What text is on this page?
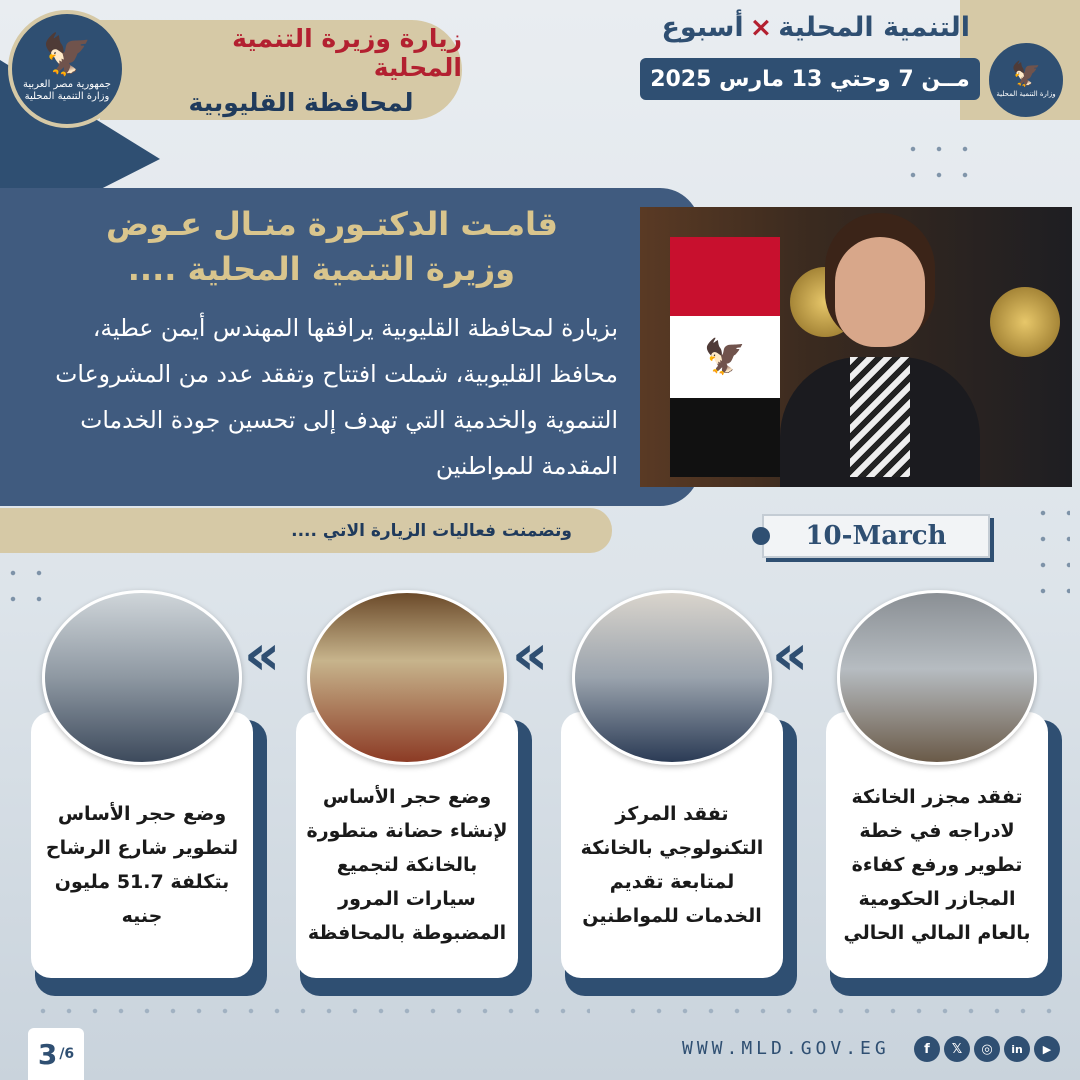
زيارة وزيرة التنمية المحلية
لمحافظة القليوبية
🦅
جمهورية مصر العربية وزارة التنمية المحلية
التنمية المحلية×أسبوع
مــن 7 وحتي 13 مارس 2025	🦅
وزارة التنمية المحلية
قامـت الدكتـورة منـال عـوض
وزيرة التنمية المحلية ....
بزيارة لمحافظة القليوبية يرافقها المهندس أيمن عطية، محافظ القليوبية، شملت افتتاح وتفقد عدد من المشروعات التنموية والخدمية التي تهدف إلى تحسين جودة الخدمات المقدمة للمواطنين
🦅
وتضمنت فعاليات الزيارة الاتي ....	10-March
تفقد مجزر الخانكة لادراجه في خطة تطوير ورفع كفاءة المجازر الحكومية بالعام المالي الحالي
تفقد المركز التكنولوجي بالخانكة لمتابعة تقديم الخدمات للمواطنين
وضع حجر الأساس لإنشاء حضانة متطورة بالخانكة لتجميع سيارات المرور المضبوطة بالمحافظة
وضع حجر الأساس لتطوير شارع الرشاح بتكلفة 51.7 مليون جنيه
«
«
«
3 /6	WWW.MLD.GOV.EG	f	𝕏	◎	in	▶
